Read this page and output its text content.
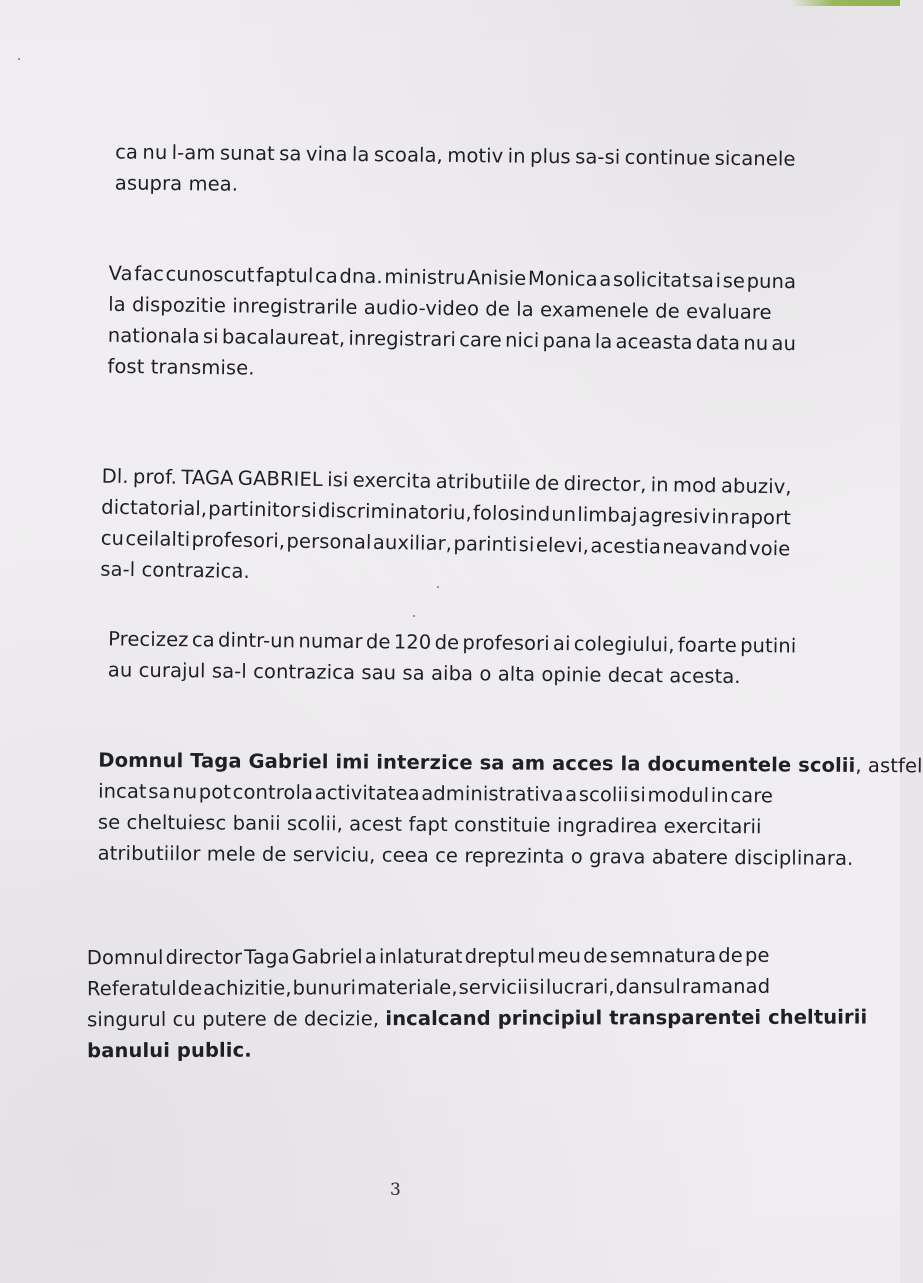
ca nu l-am sunat sa vina la scoala, motiv in plus sa-si continue sicanele
asupra mea.
Va fac cunoscut faptul ca dna. ministru Anisie Monica a solicitat sa i se puna
la dispozitie inregistrarile audio-video de la examenele de evaluare
nationala si bacalaureat, inregistrari care nici pana la aceasta data nu au
fost transmise.
Dl. prof. TAGA GABRIEL isi exercita atributiile de director, in mod abuziv,
dictatorial, partinitor si discriminatoriu, folosind un limbaj agresiv in raport
cu ceilalti profesori, personal auxiliar, parinti si elevi, acestia neavand voie
sa-l contrazica.
Precizez ca dintr-un numar de 120 de profesori ai colegiului, foarte putini
au curajul sa-l contrazica sau sa aiba o alta opinie decat acesta.
Domnul Taga Gabriel imi interzice sa am acces la documentele scolii, astfel
incat sa nu pot controla activitatea administrativa a scolii si modul in care
se cheltuiesc banii scolii, acest fapt constituie ingradirea exercitarii
atributiilor mele de serviciu, ceea ce reprezinta o grava abatere disciplinara.
Domnul director Taga Gabriel a inlaturat dreptul meu de semnatura de pe
Referatul de achizitie, bunuri materiale, servicii si lucrari, dansul ramanad
singurul cu putere de decizie, incalcand principiul transparentei cheltuirii
banului public.
3
